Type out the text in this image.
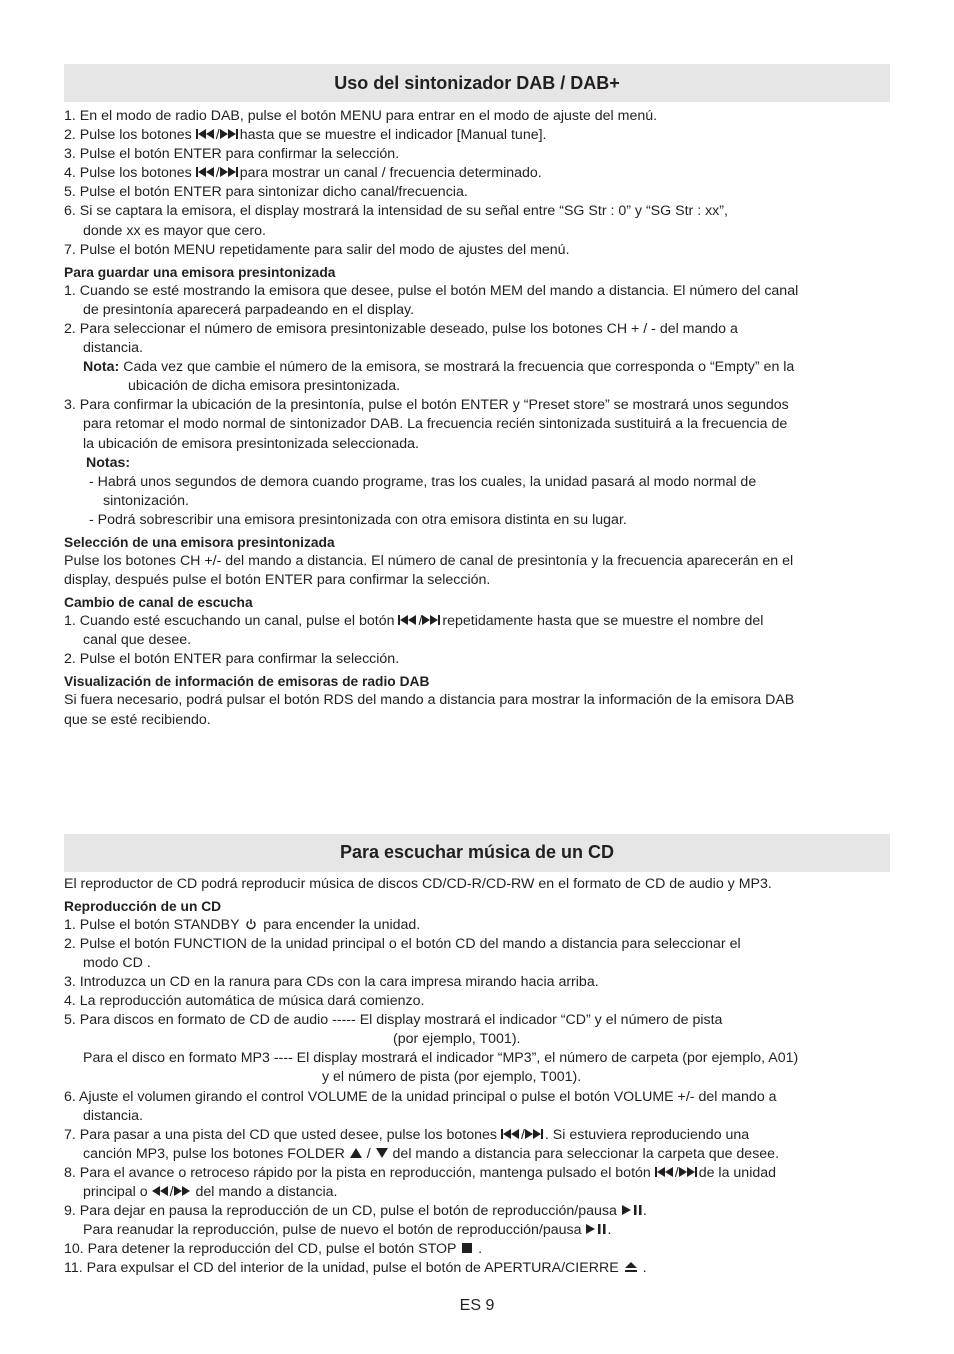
Uso del sintonizador DAB / DAB+

1. En el modo de radio DAB, pulse el botón MENU para entrar en el modo de ajuste del menú.

2. Pulse los botones / hasta que se muestre el indicador [Manual tune].

3. Pulse el botón ENTER para confirmar la selección.

4. Pulse los botones / para mostrar un canal / frecuencia determinado.

5. Pulse el botón ENTER para sintonizar dicho canal/frecuencia.

6. Si se captara la emisora, el display mostrará la intensidad de su señal entre “SG Str : 0” y “SG Str : xx”,

donde xx es mayor que cero.

7. Pulse el botón MENU repetidamente para salir del modo de ajustes del menú.

Para guardar una emisora presintonizada

1. Cuando se esté mostrando la emisora que desee, pulse el botón MEM del mando a distancia. El número del canal

de presintonía aparecerá parpadeando en el display.

2. Para seleccionar el número de emisora presintonizable deseado, pulse los botones CH + / - del mando a

distancia.

Nota: Cada vez que cambie el número de la emisora, se mostrará la frecuencia que corresponda o “Empty” en la

ubicación de dicha emisora presintonizada.

3. Para confirmar la ubicación de la presintonía, pulse el botón ENTER y “Preset store” se mostrará unos segundos

para retomar el modo normal de sintonizador DAB. La frecuencia recién sintonizada sustituirá a la frecuencia de

la ubicación de emisora presintonizada seleccionada.

Notas:

- Habrá unos segundos de demora cuando programe, tras los cuales, la unidad pasará al modo normal de

sintonización.

- Podrá sobrescribir una emisora presintonizada con otra emisora distinta en su lugar.

Selección de una emisora presintonizada

Pulse los botones CH +/- del mando a distancia. El número de canal de presintonía y la frecuencia aparecerán en el

display, después pulse el botón ENTER para confirmar la selección.

Cambio de canal de escucha

1. Cuando esté escuchando un canal, pulse el botón / repetidamente hasta que se muestre el nombre del

canal que desee.

2. Pulse el botón ENTER para confirmar la selección.

Visualización de información de emisoras de radio DAB

Si fuera necesario, podrá pulsar el botón RDS del mando a distancia para mostrar la información de la emisora DAB

que se esté recibiendo.

Para escuchar música de un CD

El reproductor de CD podrá reproducir música de discos CD/CD-R/CD-RW en el formato de CD de audio y MP3.

Reproducción de un CD

1. Pulse el botón STANDBY para encender la unidad.

2. Pulse el botón FUNCTION de la unidad principal o el botón CD del mando a distancia para seleccionar el

modo CD .

3. Introduzca un CD en la ranura para CDs con la cara impresa mirando hacia arriba.

4. La reproducción automática de música dará comienzo.

5. Para discos en formato de CD de audio ----- El display mostrará el indicador “CD” y el número de pista

(por ejemplo, T001).

Para el disco en formato MP3 ---- El display mostrará el indicador “MP3”, el número de carpeta (por ejemplo, A01)

y el número de pista (por ejemplo, T001).

6. Ajuste el volumen girando el control VOLUME de la unidad principal o pulse el botón VOLUME +/- del mando a

distancia.

7. Para pasar a una pista del CD que usted desee, pulse los botones / . Si estuviera reproduciendo una

canción MP3, pulse los botones FOLDER  /  del mando a distancia para seleccionar la carpeta que desee.

8. Para el avance o retroceso rápido por la pista en reproducción, mantenga pulsado el botón / de la unidad

principal o / del mando a distancia.

9. Para dejar en pausa la reproducción de un CD, pulse el botón de reproducción/pausa .

Para reanudar la reproducción, pulse de nuevo el botón de reproducción/pausa .

10. Para detener la reproducción del CD, pulse el botón STOP .

11. Para expulsar el CD del interior de la unidad, pulse el botón de APERTURA/CIERRE .

ES 9
